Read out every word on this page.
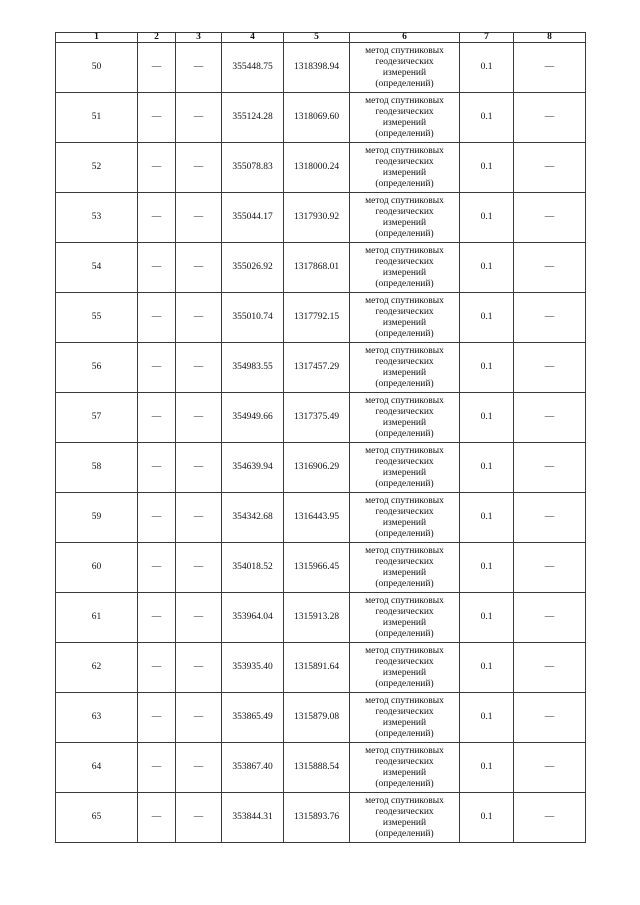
1	2	3	4	5	6	7	8
50	—	—	355448.75	1318398.94	метод спутниковых
геодезических
измерений
(определений)	0.1	—
51	—	—	355124.28	1318069.60	метод спутниковых
геодезических
измерений
(определений)	0.1	—
52	—	—	355078.83	1318000.24	метод спутниковых
геодезических
измерений
(определений)	0.1	—
53	—	—	355044.17	1317930.92	метод спутниковых
геодезических
измерений
(определений)	0.1	—
54	—	—	355026.92	1317868.01	метод спутниковых
геодезических
измерений
(определений)	0.1	—
55	—	—	355010.74	1317792.15	метод спутниковых
геодезических
измерений
(определений)	0.1	—
56	—	—	354983.55	1317457.29	метод спутниковых
геодезических
измерений
(определений)	0.1	—
57	—	—	354949.66	1317375.49	метод спутниковых
геодезических
измерений
(определений)	0.1	—
58	—	—	354639.94	1316906.29	метод спутниковых
геодезических
измерений
(определений)	0.1	—
59	—	—	354342.68	1316443.95	метод спутниковых
геодезических
измерений
(определений)	0.1	—
60	—	—	354018.52	1315966.45	метод спутниковых
геодезических
измерений
(определений)	0.1	—
61	—	—	353964.04	1315913.28	метод спутниковых
геодезических
измерений
(определений)	0.1	—
62	—	—	353935.40	1315891.64	метод спутниковых
геодезических
измерений
(определений)	0.1	—
63	—	—	353865.49	1315879.08	метод спутниковых
геодезических
измерений
(определений)	0.1	—
64	—	—	353867.40	1315888.54	метод спутниковых
геодезических
измерений
(определений)	0.1	—
65	—	—	353844.31	1315893.76	метод спутниковых
геодезических
измерений
(определений)	0.1	—
